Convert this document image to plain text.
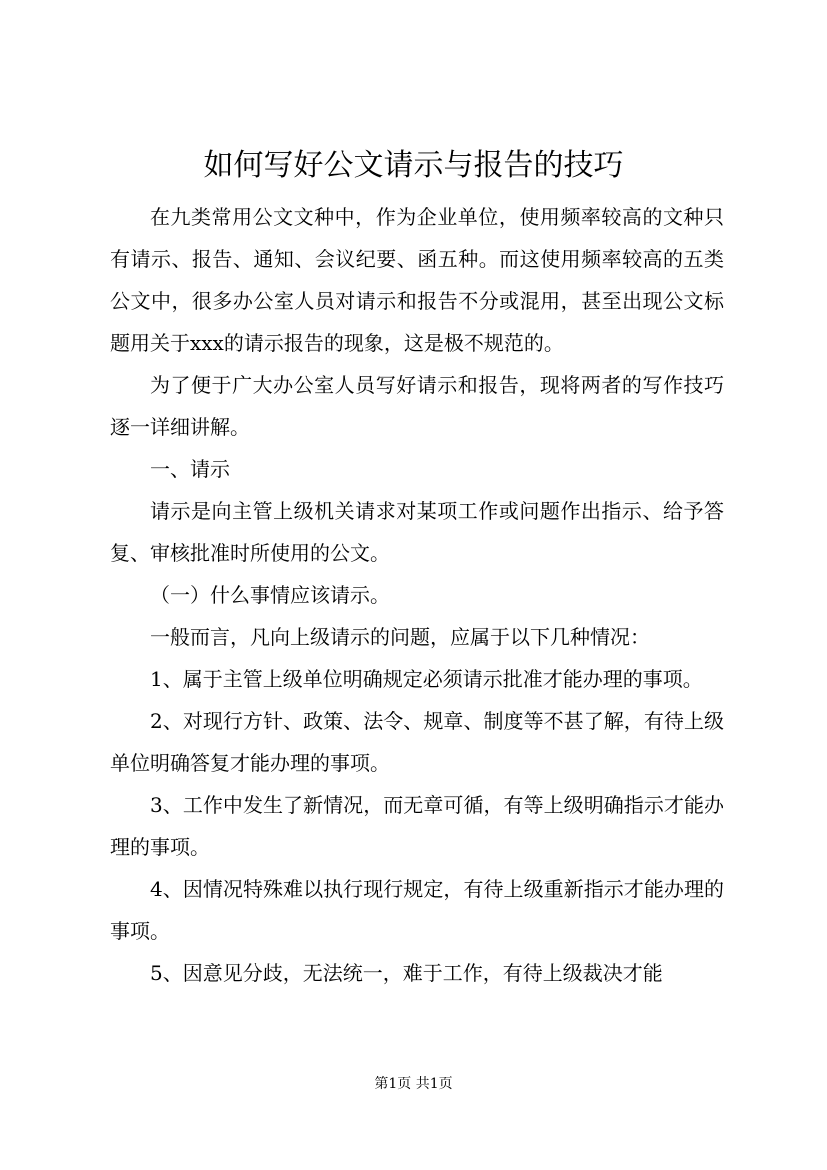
如何写好公文请示与报告的技巧

在九类常用公文文种中，作为企业单位，使用频率较高的文种只有请示、报告、通知、会议纪要、函五种。而这使用频率较高的五类公文中，很多办公室人员对请示和报告不分或混用，甚至出现公文标题用关于xxx的请示报告的现象，这是极不规范的。

为了便于广大办公室人员写好请示和报告，现将两者的写作技巧逐一详细讲解。

一、请示

请示是向主管上级机关请求对某项工作或问题作出指示、给予答复、审核批准时所使用的公文。

（一）什么事情应该请示。

一般而言，凡向上级请示的问题，应属于以下几种情况：

1、属于主管上级单位明确规定必须请示批准才能办理的事项。

2、对现行方针、政策、法令、规章、制度等不甚了解，有待上级单位明确答复才能办理的事项。

3、工作中发生了新情况，而无章可循，有等上级明确指示才能办理的事项。

4、因情况特殊难以执行现行规定，有待上级重新指示才能办理的事项。

5、因意见分歧，无法统一，难于工作，有待上级裁决才能

第1页 共1页
